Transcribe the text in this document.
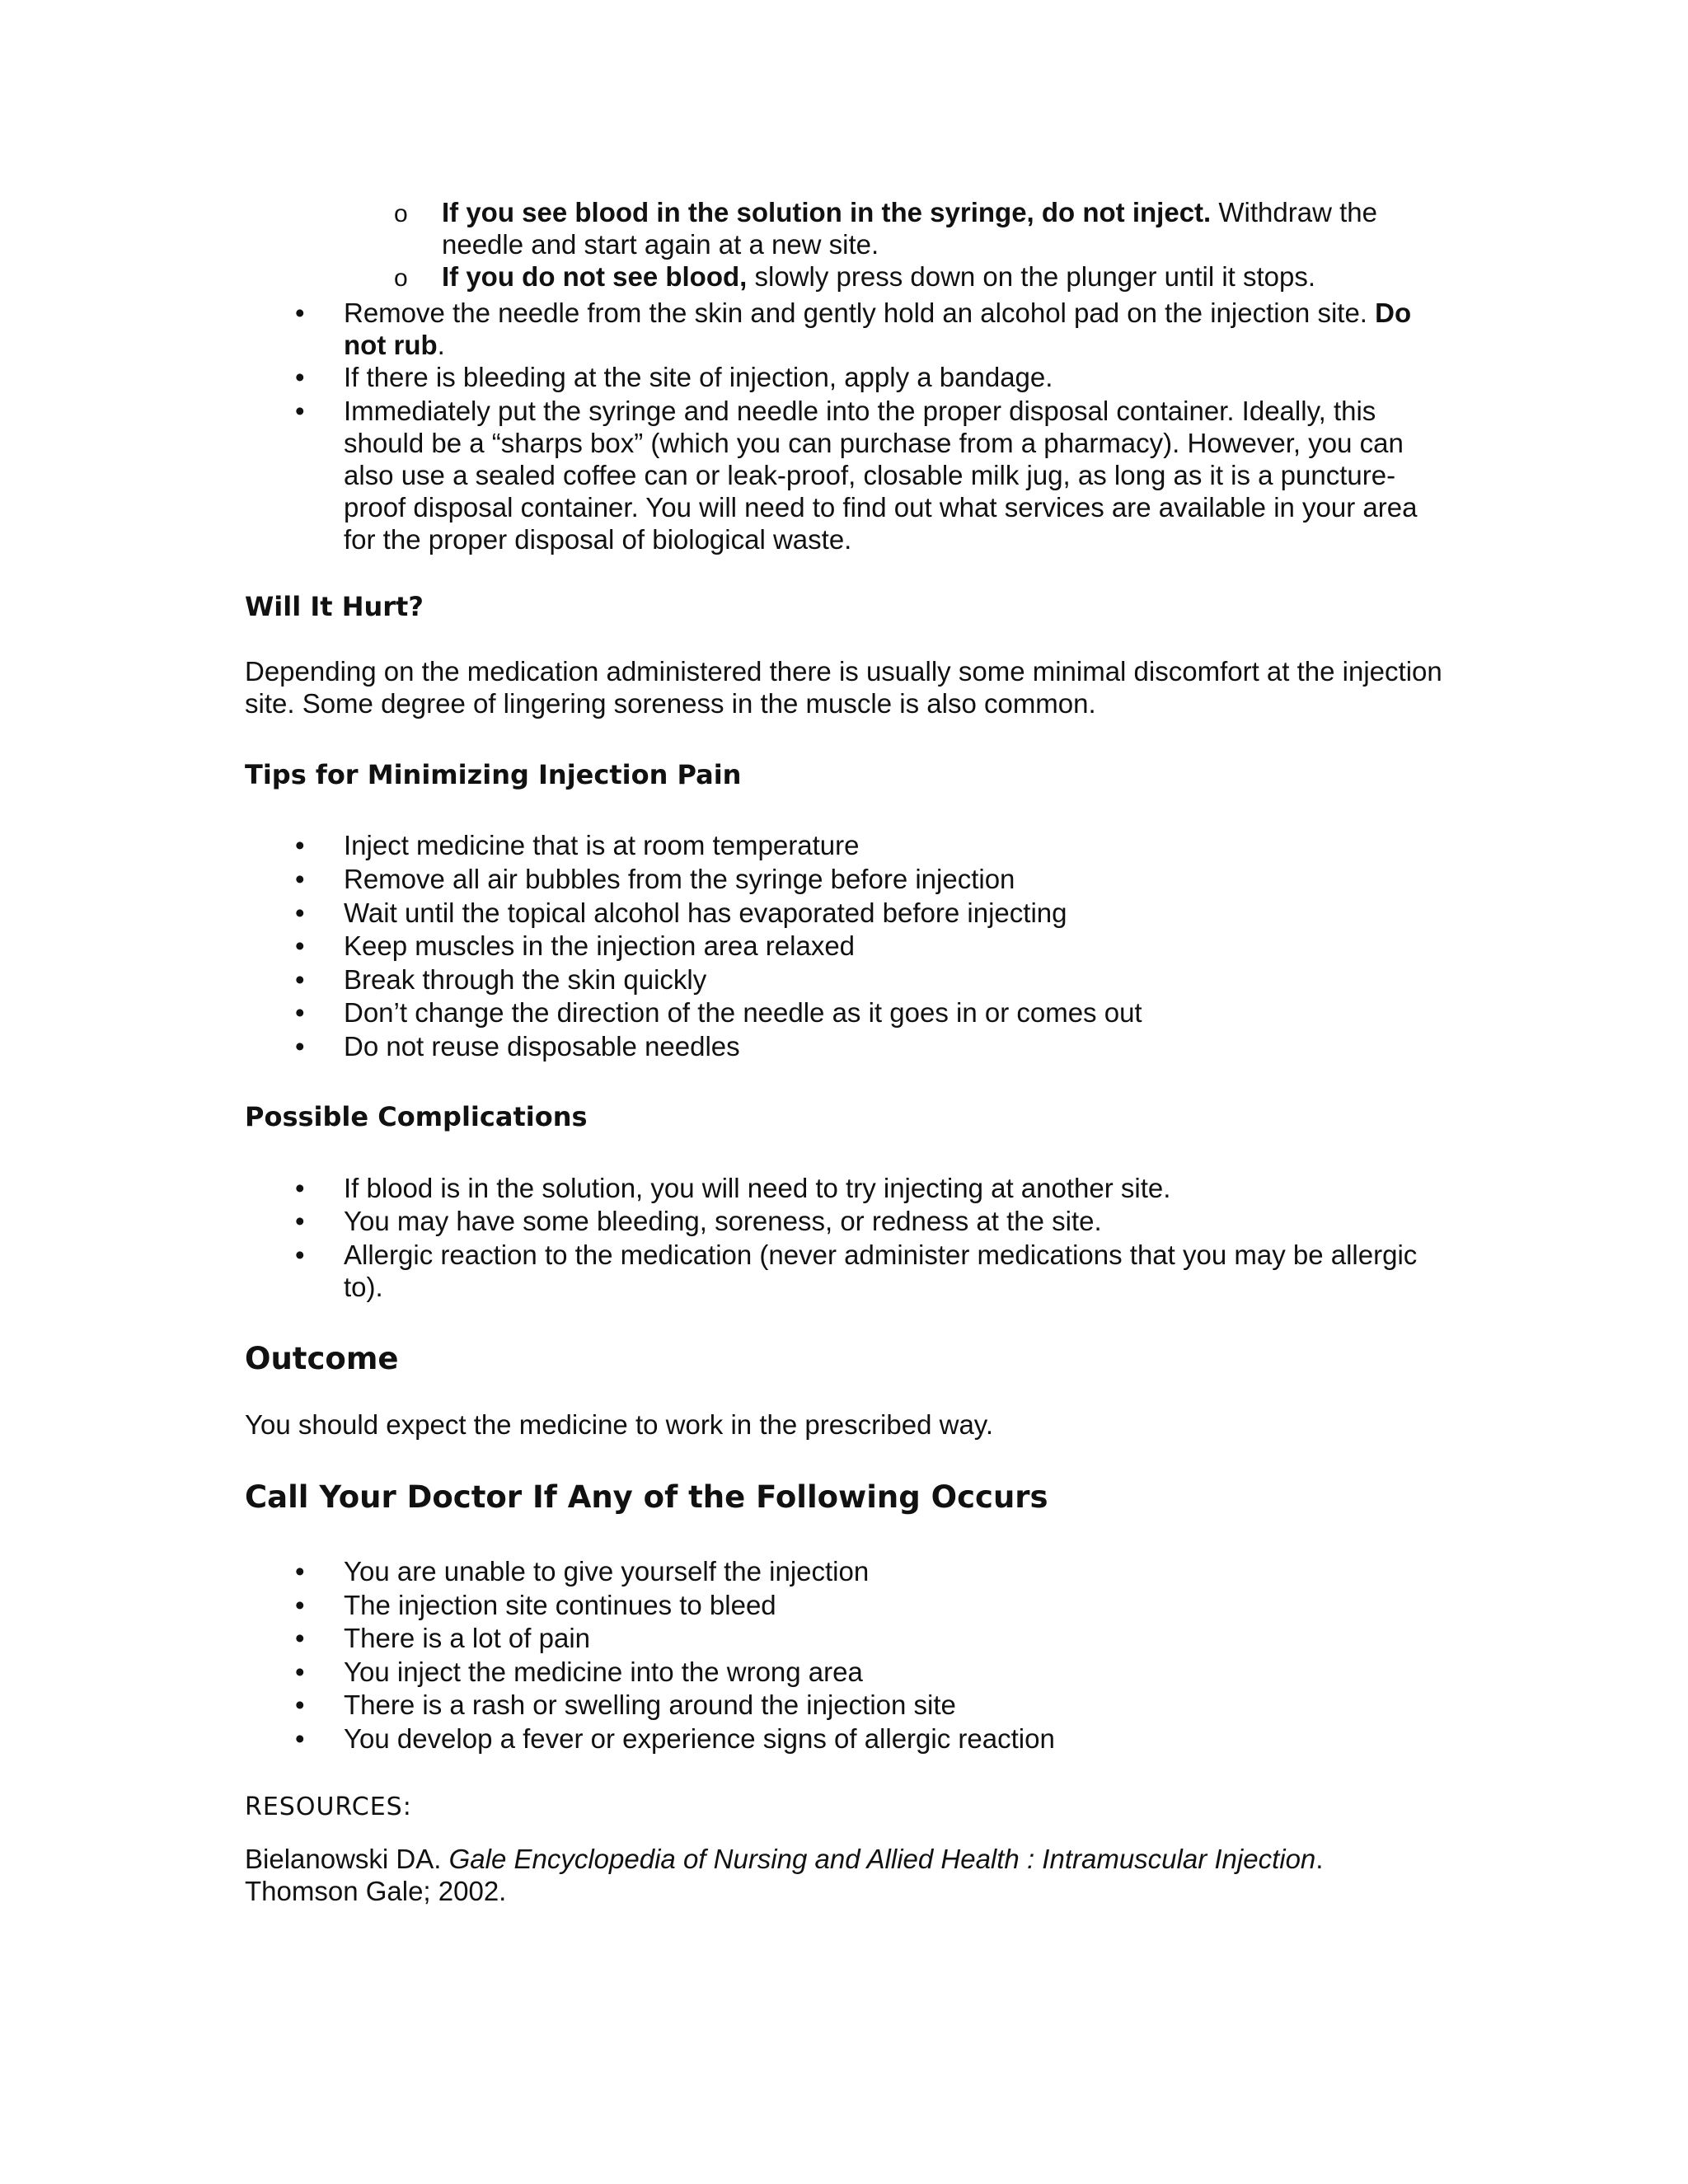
o If you see blood in the solution in the syringe, do not inject. Withdraw the needle and start again at a new site.
o If you do not see blood, slowly press down on the plunger until it stops.
• Remove the needle from the skin and gently hold an alcohol pad on the injection site. Do not rub.
• If there is bleeding at the site of injection, apply a bandage.
• Immediately put the syringe and needle into the proper disposal container. Ideally, this should be a “sharps box” (which you can purchase from a pharmacy). However, you can also use a sealed coffee can or leak-proof, closable milk jug, as long as it is a puncture-proof disposal container. You will need to find out what services are available in your area for the proper disposal of biological waste.
Will It Hurt?
Depending on the medication administered there is usually some minimal discomfort at the injection site. Some degree of lingering soreness in the muscle is also common.
Tips for Minimizing Injection Pain
• Inject medicine that is at room temperature
• Remove all air bubbles from the syringe before injection
• Wait until the topical alcohol has evaporated before injecting
• Keep muscles in the injection area relaxed
• Break through the skin quickly
• Don’t change the direction of the needle as it goes in or comes out
• Do not reuse disposable needles
Possible Complications
• If blood is in the solution, you will need to try injecting at another site.
• You may have some bleeding, soreness, or redness at the site.
• Allergic reaction to the medication (never administer medications that you may be allergic to).
Outcome
You should expect the medicine to work in the prescribed way.
Call Your Doctor If Any of the Following Occurs
• You are unable to give yourself the injection
• The injection site continues to bleed
• There is a lot of pain
• You inject the medicine into the wrong area
• There is a rash or swelling around the injection site
• You develop a fever or experience signs of allergic reaction
RESOURCES:
Bielanowski DA. Gale Encyclopedia of Nursing and Allied Health : Intramuscular Injection. Thomson Gale; 2002.
